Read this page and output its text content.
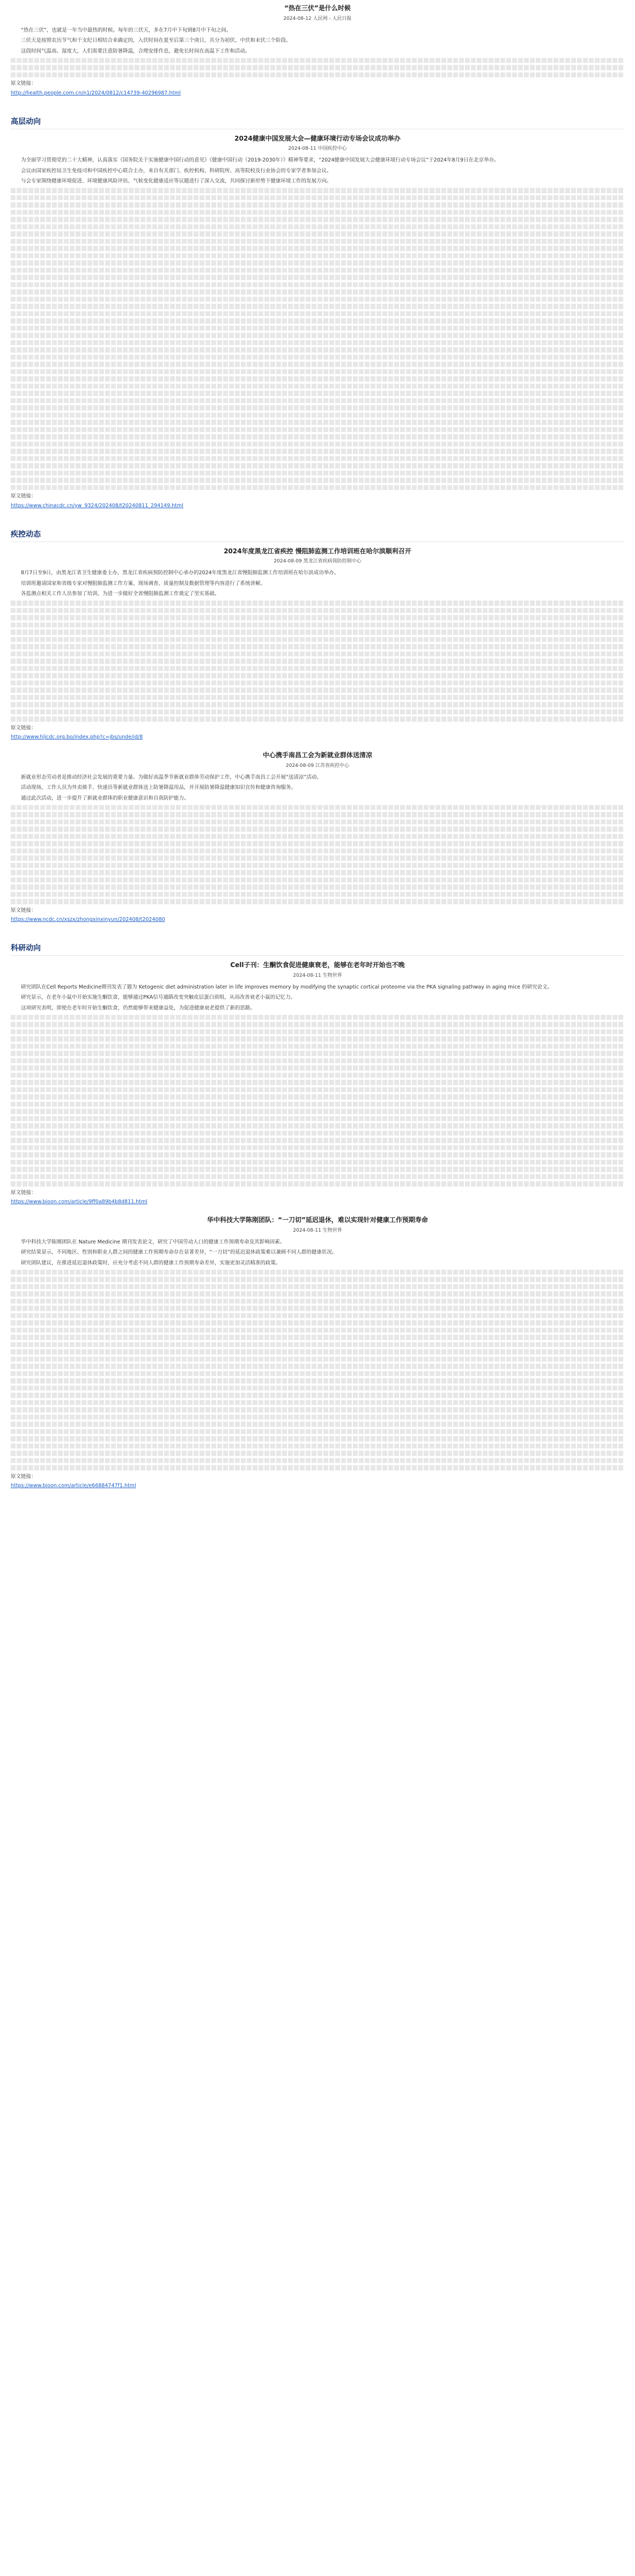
“热在三伏”是什么时候
2024-08-12 人民网 - 人民日报

“热在三伏”，也就是一年当中最热的时候。每年的三伏天，多在7月中下旬到8月中下旬之间。

三伏天是按照农历节气和干支纪日相结合来确定的，入伏时间在夏至后第三个庚日，共分为初伏、中伏和末伏三个阶段。

这段时间气温高、湿度大，人们需要注意防暑降温，合理安排作息，避免长时间在高温下工作和活动。

原文链接：
http://health.people.com.cn/n1/2024/0812/c14739-40296987.html
高层动向
2024健康中国发展大会—健康环境行动专场会议成功举办
2024-08-11 中国疾控中心

为全面学习贯彻党的二十大精神，认真落实《国务院关于实施健康中国行动的意见》《健康中国行动（2019-2030年）》精神等要求，“2024健康中国发展大会健康环境行动专场会议”于2024年8月9日在北京举办。

会议由国家疾控局卫生免疫司和中国疾控中心联合主办，来自有关部门、疾控机构、科研院所、高等院校及行业协会的专家学者参加会议。

与会专家围绕健康环境促进、环境健康风险评估、气候变化健康适应等议题进行了深入交流，共同探讨新形势下健康环境工作的发展方向。

原文链接：
https://www.chinacdc.cn/yw_9324/202408/t20240811_294149.html
疾控动态
2024年度黑龙江省疾控 慢阻肺监测工作培训班在哈尔滨顺利召开
2024-08-09 黑龙江省疾病预防控制中心

8月7日至9日，由黑龙江省卫生健康委主办，黑龙江省疾病预防控制中心承办的2024年度黑龙江省慢阻肺监测工作培训班在哈尔滨成功举办。

培训班邀请国家和省级专家对慢阻肺监测工作方案、现场调查、质量控制及数据管理等内容进行了系统讲解。

各监测点相关工作人员参加了培训，为进一步做好全省慢阻肺监测工作奠定了坚实基础。

原文链接：
http://www.hljcdc.org.bo/index.php?c=jbs/unde/id/8
中心携手南昌工会为新就业群体送清凉
2024-08-09 江苏省疾控中心

新就业形态劳动者是推动经济社会发展的重要力量。为做好高温季节新就业群体劳动保护工作，中心携手南昌工会开展“送清凉”活动。

活动现场，工作人员为外卖骑手、快递员等新就业群体送上防暑降温用品，并开展防暑降温健康知识宣传和健康咨询服务。

通过此次活动，进一步提升了新就业群体的职业健康意识和自我防护能力。

原文链接：
https://www.ncdc.cn/xszx/zhongxinxinyun/202408/t2024080
科研动向
Cell子刊：生酮饮食促进健康衰老，能够在老年时开始也不晚
2024-08-11 生物世界

研究团队在Cell Reports Medicine期刊发表了题为 Ketogenic diet administration later in life improves memory by modifying the synaptic cortical proteome via the PKA signaling pathway in aging mice 的研究论文。

研究显示，在老年小鼠中开始实施生酮饮食，能够通过PKA信号通路改变突触皮层蛋白质组，从而改善衰老小鼠的记忆力。

这项研究表明，即使在老年时开始生酮饮食，仍然能够带来健康益处，为促进健康衰老提供了新的思路。

原文链接：
https://www.bioon.com/article/9ff0a89b4b8d811.html
华中科技大学陈刚团队：“一刀切”延迟退休，难以实现针对健康工作预期寿命
2024-08-11 生物世界

华中科技大学陈刚团队在 Nature Medicine 期刊发表论文，研究了中国劳动人口的健康工作预期寿命及其影响因素。

研究结果显示，不同地区、性别和职业人群之间的健康工作预期寿命存在显著差异，“一刀切”的延迟退休政策难以兼顾不同人群的健康状况。

研究团队建议，在推进延迟退休政策时，应充分考虑不同人群的健康工作预期寿命差异，实施更加灵活精准的政策。

原文链接：
https://www.bioon.com/article/e66884747f1.html
